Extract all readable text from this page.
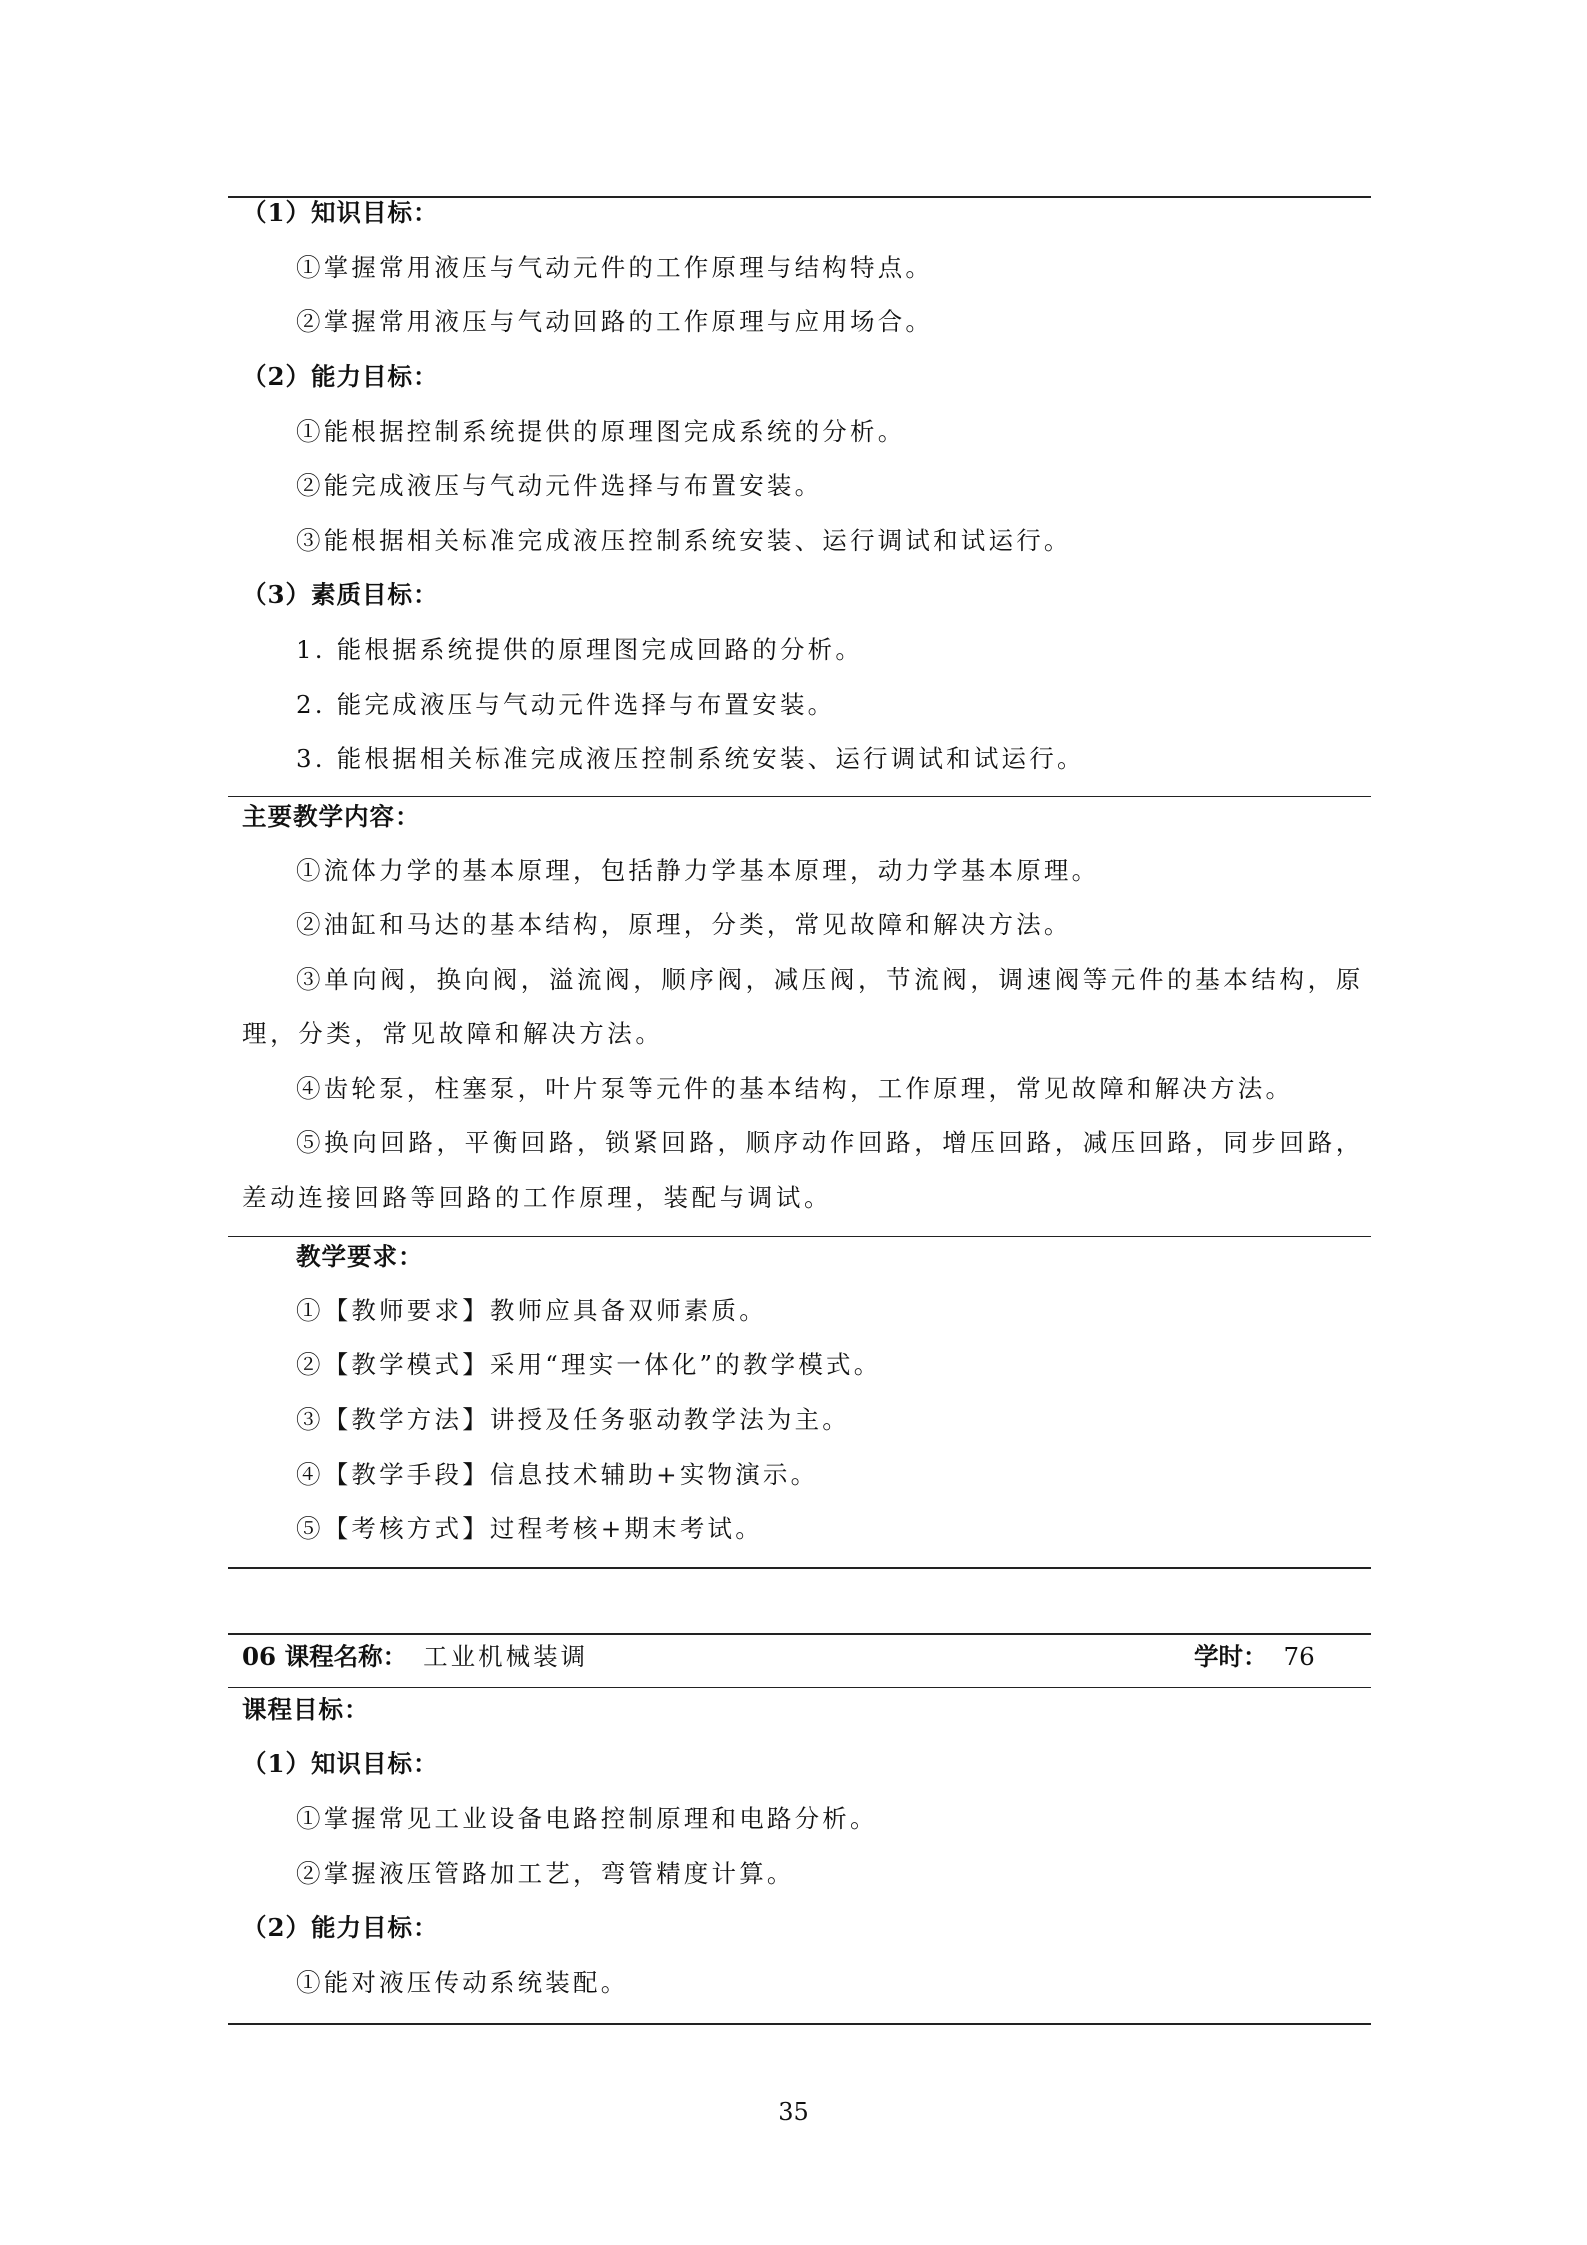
（1）知识目标：
①掌握常用液压与气动元件的工作原理与结构特点。
②掌握常用液压与气动回路的工作原理与应用场合。
（2）能力目标：
①能根据控制系统提供的原理图完成系统的分析。
②能完成液压与气动元件选择与布置安装。
③能根据相关标准完成液压控制系统安装、运行调试和试运行。
（3）素质目标：
1. 能根据系统提供的原理图完成回路的分析。
2. 能完成液压与气动元件选择与布置安装。
3. 能根据相关标准完成液压控制系统安装、运行调试和试运行。
主要教学内容：
①流体力学的基本原理，包括静力学基本原理，动力学基本原理。
②油缸和马达的基本结构，原理，分类，常见故障和解决方法。
③单向阀，换向阀，溢流阀，顺序阀，减压阀，节流阀，调速阀等元件的基本结构，原
理，分类，常见故障和解决方法。
④齿轮泵，柱塞泵，叶片泵等元件的基本结构，工作原理，常见故障和解决方法。
⑤换向回路，平衡回路，锁紧回路，顺序动作回路，增压回路，减压回路，同步回路，
差动连接回路等回路的工作原理，装配与调试。
教学要求：
①【教师要求】教师应具备双师素质。
②【教学模式】采用“理实一体化”的教学模式。
③【教学方法】讲授及任务驱动教学法为主。
④【教学手段】信息技术辅助+实物演示。
⑤【考核方式】过程考核+期末考试。
06 课程名称： 工业机械装调	学时： 76
课程目标：
（1）知识目标：
①掌握常见工业设备电路控制原理和电路分析。
②掌握液压管路加工艺，弯管精度计算。
（2）能力目标：
①能对液压传动系统装配。
35
